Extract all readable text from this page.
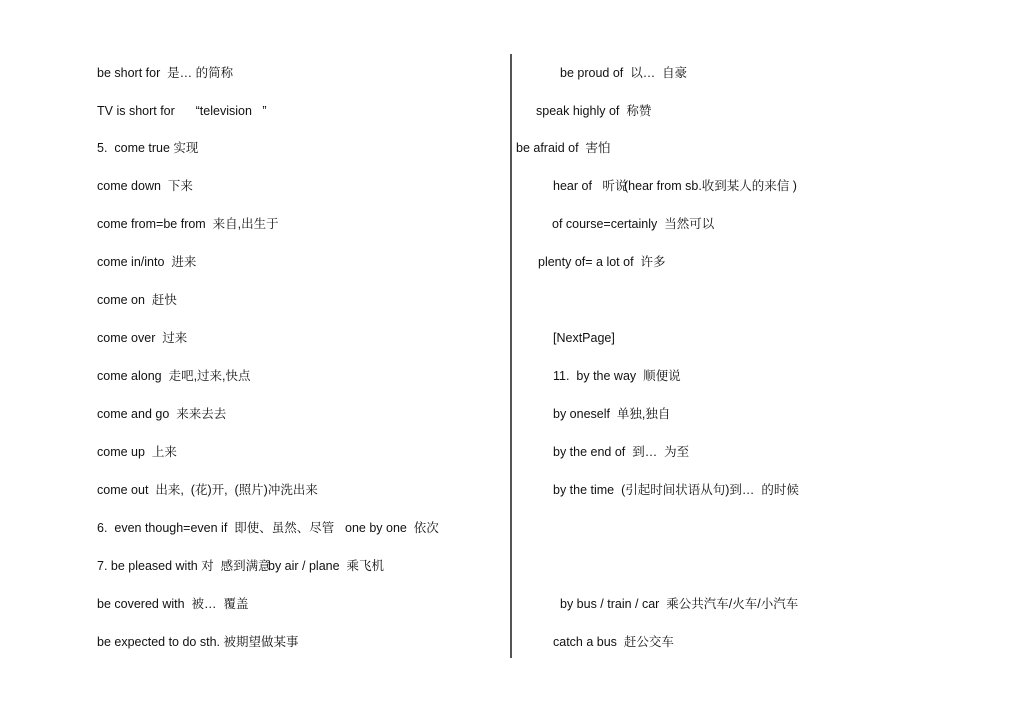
be short for  是… 的简称
TV is short for      “television   ”
5.  come true 实现
come down  下来
come from=be from  来自,出生于
come in/into  进来
come on  赶快
come over  过来
come along  走吧,过来,快点
come and go  来来去去
come up  上来
come out  出来,  (花)开,  (照片)冲洗出来
6.  even though=even if  即使、虽然、尽管
7. be pleased with 对  感到满意
be covered with  被…  覆盖
be expected to do sth. 被期望做某事
be proud of  以…  自豪
speak highly of  称赞
be afraid of  害怕
hear of   听说
(hear from sb.收到某人的来信 )
of course=certainly  当然可以
plenty of= a lot of  许多
[NextPage]
11.  by the way  顺便说
by oneself  单独,独自
by the end of  到…  为至
by the time  (引起时间状语从句)到…  的时候
one by one  依次
by air / plane  乘飞机
by bus / train / car  乘公共汽车/火车/小汽车
catch a bus  赶公交车
